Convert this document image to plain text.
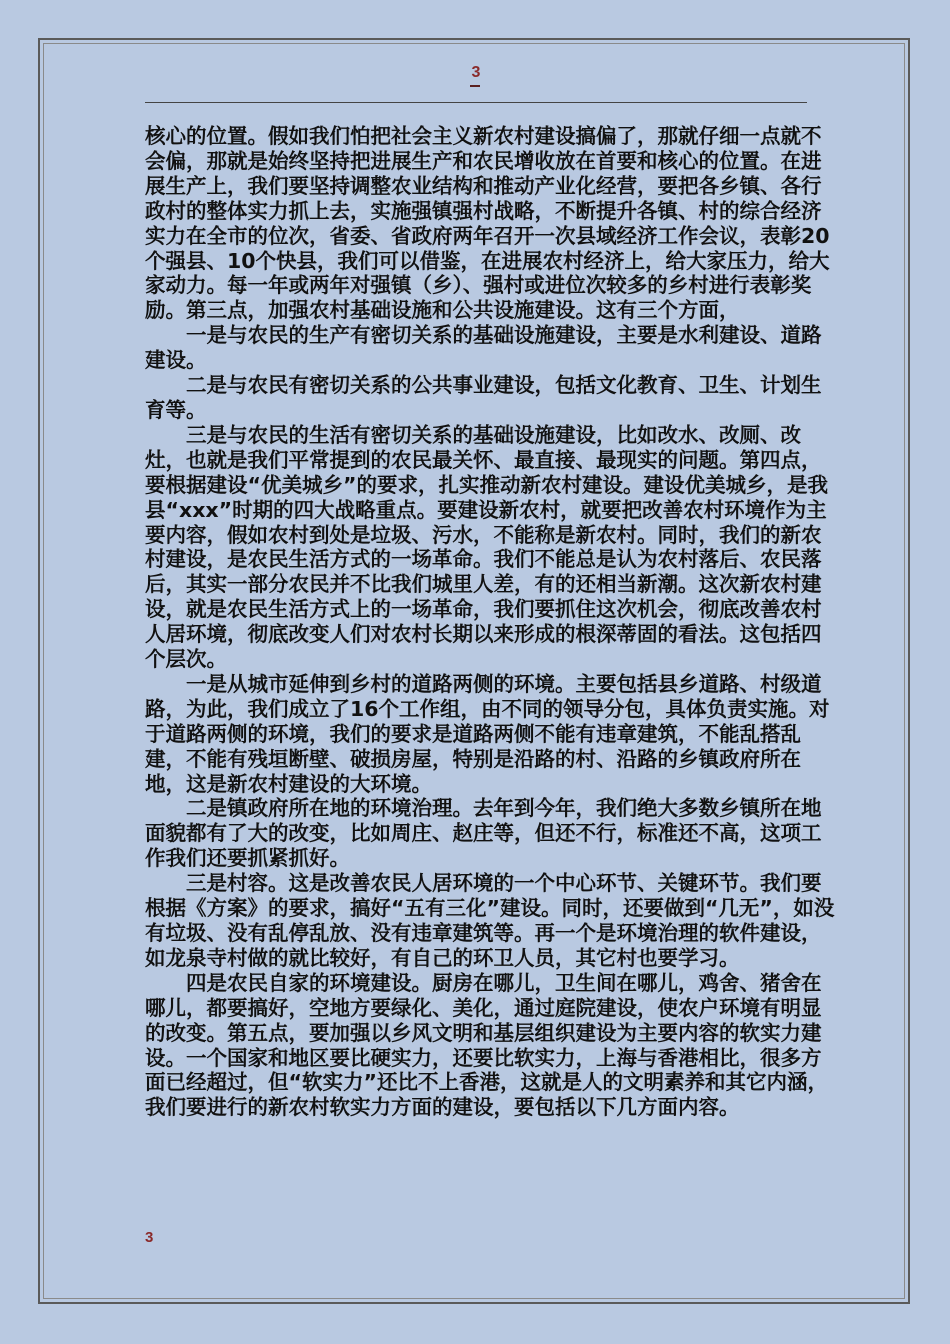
3

核心的位置。假如我们怕把社会主义新农村建设搞偏了，那就仔细一点就不会偏，那就是始终坚持把进展生产和农民增收放在首要和核心的位置。在进展生产上，我们要坚持调整农业结构和推动产业化经营，要把各乡镇、各行政村的整体实力抓上去，实施强镇强村战略，不断提升各镇、村的综合经济实力在全市的位次，省委、省政府两年召开一次县域经济工作会议，表彰20个强县、10个快县，我们可以借鉴，在进展农村经济上，给大家压力，给大家动力。每一年或两年对强镇（乡）、强村或进位次较多的乡村进行表彰奖励。第三点，加强农村基础设施和公共设施建设。这有三个方面，

一是与农民的生产有密切关系的基础设施建设，主要是水利建设、道路建设。

二是与农民有密切关系的公共事业建设，包括文化教育、卫生、计划生育等。

三是与农民的生活有密切关系的基础设施建设，比如改水、改厕、改灶，也就是我们平常提到的农民最关怀、最直接、最现实的问题。第四点，要根据建设“优美城乡”的要求，扎实推动新农村建设。建设优美城乡，是我县“xxx”时期的四大战略重点。要建设新农村，就要把改善农村环境作为主要内容，假如农村到处是垃圾、污水，不能称是新农村。同时，我们的新农村建设，是农民生活方式的一场革命。我们不能总是认为农村落后、农民落后，其实一部分农民并不比我们城里人差，有的还相当新潮。这次新农村建设，就是农民生活方式上的一场革命，我们要抓住这次机会，彻底改善农村人居环境，彻底改变人们对农村长期以来形成的根深蒂固的看法。这包括四个层次。

一是从城市延伸到乡村的道路两侧的环境。主要包括县乡道路、村级道路，为此，我们成立了16个工作组，由不同的领导分包，具体负责实施。对于道路两侧的环境，我们的要求是道路两侧不能有违章建筑，不能乱搭乱建，不能有残垣断壁、破损房屋，特别是沿路的村、沿路的乡镇政府所在地，这是新农村建设的大环境。

二是镇政府所在地的环境治理。去年到今年，我们绝大多数乡镇所在地面貌都有了大的改变，比如周庄、赵庄等，但还不行，标准还不高，这项工作我们还要抓紧抓好。

三是村容。这是改善农民人居环境的一个中心环节、关键环节。我们要根据《方案》的要求，搞好“五有三化”建设。同时，还要做到“几无”，如没有垃圾、没有乱停乱放、没有违章建筑等。再一个是环境治理的软件建设，如龙泉寺村做的就比较好，有自己的环卫人员，其它村也要学习。

四是农民自家的环境建设。厨房在哪儿，卫生间在哪儿，鸡舍、猪舍在哪儿，都要搞好，空地方要绿化、美化，通过庭院建设，使农户环境有明显的改变。第五点，要加强以乡风文明和基层组织建设为主要内容的软实力建设。一个国家和地区要比硬实力，还要比软实力，上海与香港相比，很多方面已经超过，但“软实力”还比不上香港，这就是人的文明素养和其它内涵，我们要进行的新农村软实力方面的建设，要包括以下几方面内容。

3
